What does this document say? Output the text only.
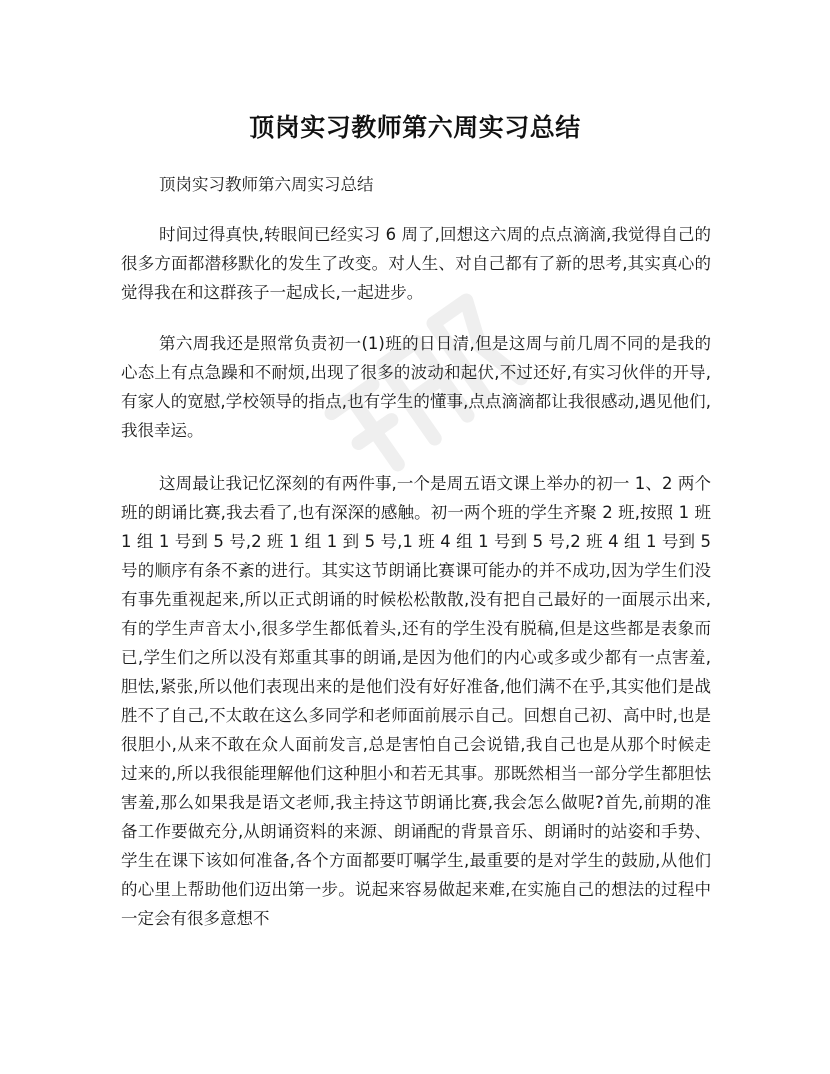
顶岗实习教师第六周实习总结

顶岗实习教师第六周实习总结

时间过得真快,转眼间已经实习 6 周了,回想这六周的点点滴滴,我觉得自己的很多方面都潜移默化的发生了改变。对人生、对自己都有了新的思考,其实真心的觉得我在和这群孩子一起成长,一起进步。

第六周我还是照常负责初一(1)班的日日清,但是这周与前几周不同的是我的心态上有点急躁和不耐烦,出现了很多的波动和起伏,不过还好,有实习伙伴的开导,有家人的宽慰,学校领导的指点,也有学生的懂事,点点滴滴都让我很感动,遇见他们,我很幸运。

这周最让我记忆深刻的有两件事,一个是周五语文课上举办的初一 1、2 两个班的朗诵比赛,我去看了,也有深深的感触。初一两个班的学生齐聚 2 班,按照 1 班 1 组 1 号到 5 号,2 班 1 组 1 到 5 号,1 班 4 组 1 号到 5 号,2 班 4 组 1 号到 5 号的顺序有条不紊的进行。其实这节朗诵比赛课可能办的并不成功,因为学生们没有事先重视起来,所以正式朗诵的时候松松散散,没有把自己最好的一面展示出来,有的学生声音太小,很多学生都低着头,还有的学生没有脱稿,但是这些都是表象而已,学生们之所以没有郑重其事的朗诵,是因为他们的内心或多或少都有一点害羞,胆怯,紧张,所以他们表现出来的是他们没有好好准备,他们满不在乎,其实他们是战胜不了自己,不太敢在这么多同学和老师面前展示自己。回想自己初、高中时,也是很胆小,从来不敢在众人面前发言,总是害怕自己会说错,我自己也是从那个时候走过来的,所以我很能理解他们这种胆小和若无其事。那既然相当一部分学生都胆怯害羞,那么如果我是语文老师,我主持这节朗诵比赛,我会怎么做呢?首先,前期的准备工作要做充分,从朗诵资料的来源、朗诵配的背景音乐、朗诵时的站姿和手势、学生在课下该如何准备,各个方面都要叮嘱学生,最重要的是对学生的鼓励,从他们的心里上帮助他们迈出第一步。说起来容易做起来难,在实施自己的想法的过程中一定会有很多意想不
